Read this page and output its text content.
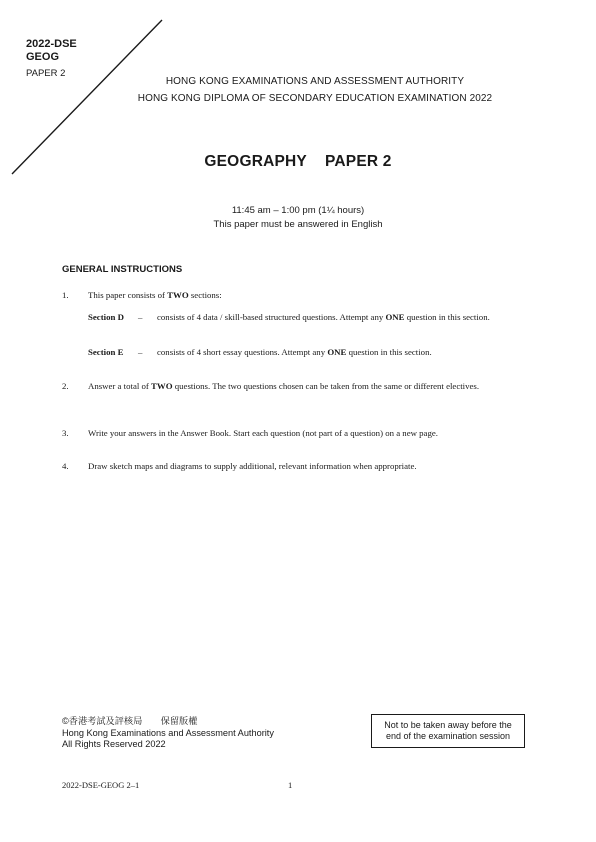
2022-DSE
GEOG
PAPER 2
HONG KONG EXAMINATIONS AND ASSESSMENT AUTHORITY
HONG KONG DIPLOMA OF SECONDARY EDUCATION EXAMINATION 2022
GEOGRAPHY PAPER 2
11:45 am – 1:00 pm (1¼ hours)
This paper must be answered in English
GENERAL INSTRUCTIONS
1. This paper consists of TWO sections:
Section D – consists of 4 data / skill-based structured questions. Attempt any ONE question in this section.
Section E – consists of 4 short essay questions. Attempt any ONE question in this section.
2. Answer a total of TWO questions. The two questions chosen can be taken from the same or different electives.
3. Write your answers in the Answer Book. Start each question (not part of a question) on a new page.
4. Draw sketch maps and diagrams to supply additional, relevant information when appropriate.
©香港考試及評核局　　保留版權
Hong Kong Examinations and Assessment Authority
All Rights Reserved 2022
Not to be taken away before the
end of the examination session
2022-DSE-GEOG 2–1	1
